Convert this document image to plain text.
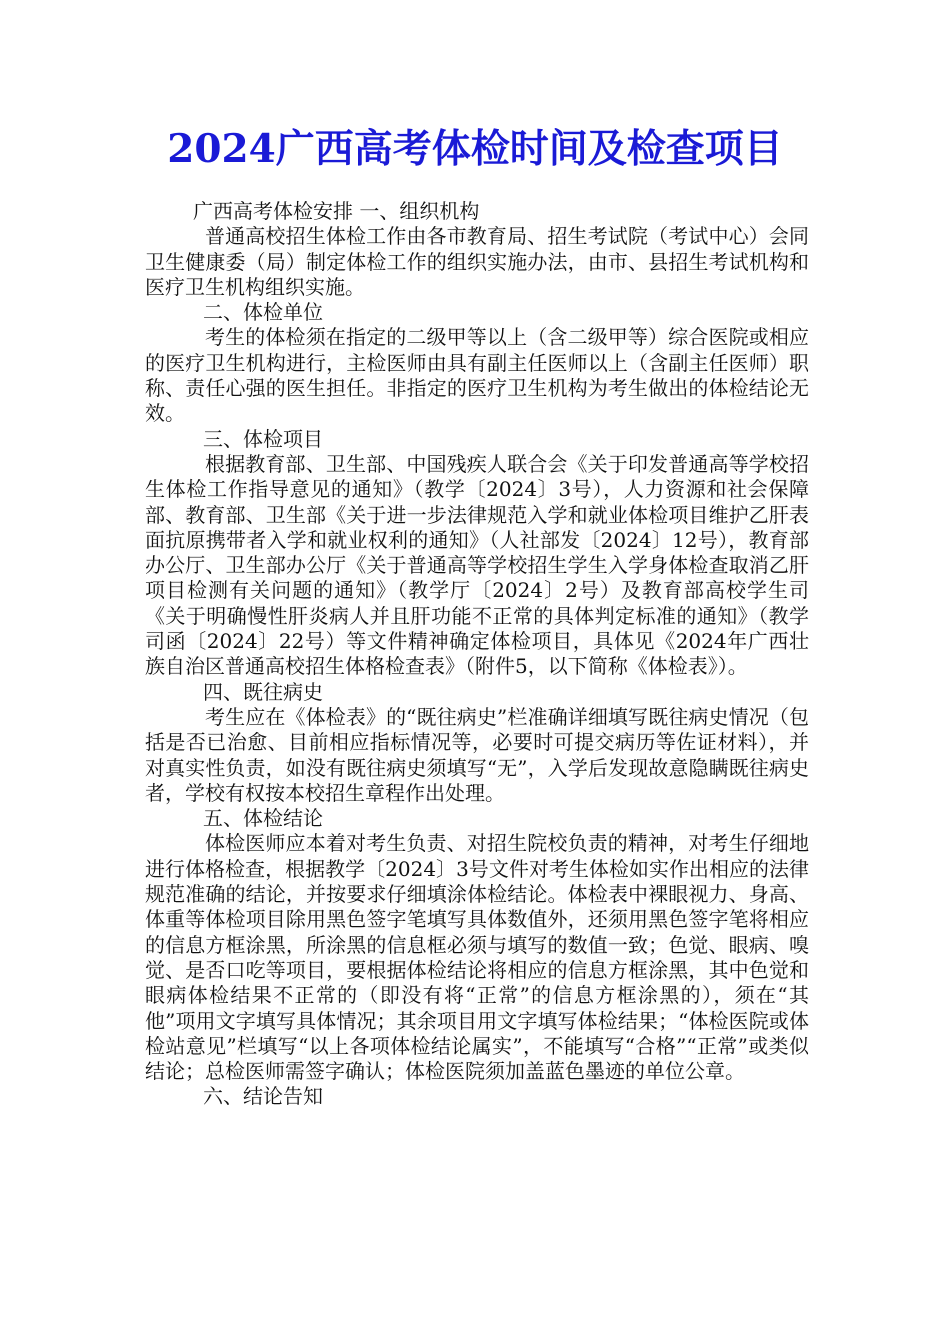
2024广西高考体检时间及检查项目

广西高考体检安排 一、组织机构

普通高校招生体检工作由各市教育局、招生考试院（考试中心）会同卫生健康委（局）制定体检工作的组织实施办法，由市、县招生考试机构和医疗卫生机构组织实施。

二、体检单位

考生的体检须在指定的二级甲等以上（含二级甲等）综合医院或相应的医疗卫生机构进行，主检医师由具有副主任医师以上（含副主任医师）职称、责任心强的医生担任。非指定的医疗卫生机构为考生做出的体检结论无效。

三、体检项目

根据教育部、卫生部、中国残疾人联合会《关于印发普通高等学校招生体检工作指导意见的通知》（教学〔2024〕3号），人力资源和社会保障部、教育部、卫生部《关于进一步法律规范入学和就业体检项目维护乙肝表面抗原携带者入学和就业权利的通知》（人社部发〔2024〕12号），教育部办公厅、卫生部办公厅《关于普通高等学校招生学生入学身体检查取消乙肝项目检测有关问题的通知》（教学厅〔2024〕2号）及教育部高校学生司《关于明确慢性肝炎病人并且肝功能不正常的具体判定标准的通知》（教学司函〔2024〕22号）等文件精神确定体检项目，具体见《2024年广西壮族自治区普通高校招生体格检查表》（附件5，以下简称《体检表》）。

四、既往病史

考生应在《体检表》的“既往病史”栏准确详细填写既往病史情况（包括是否已治愈、目前相应指标情况等，必要时可提交病历等佐证材料），并对真实性负责，如没有既往病史须填写“无”，入学后发现故意隐瞒既往病史者，学校有权按本校招生章程作出处理。

五、体检结论

体检医师应本着对考生负责、对招生院校负责的精神，对考生仔细地进行体格检查，根据教学〔2024〕3号文件对考生体检如实作出相应的法律规范准确的结论，并按要求仔细填涂体检结论。体检表中裸眼视力、身高、体重等体检项目除用黑色签字笔填写具体数值外，还须用黑色签字笔将相应的信息方框涂黑，所涂黑的信息框必须与填写的数值一致；色觉、眼病、嗅觉、是否口吃等项目，要根据体检结论将相应的信息方框涂黑，其中色觉和眼病体检结果不正常的（即没有将“正常”的信息方框涂黑的），须在“其他”项用文字填写具体情况；其余项目用文字填写体检结果；“体检医院或体检站意见”栏填写“以上各项体检结论属实”，不能填写“合格”“正常”或类似结论；总检医师需签字确认；体检医院须加盖蓝色墨迹的单位公章。

六、结论告知
